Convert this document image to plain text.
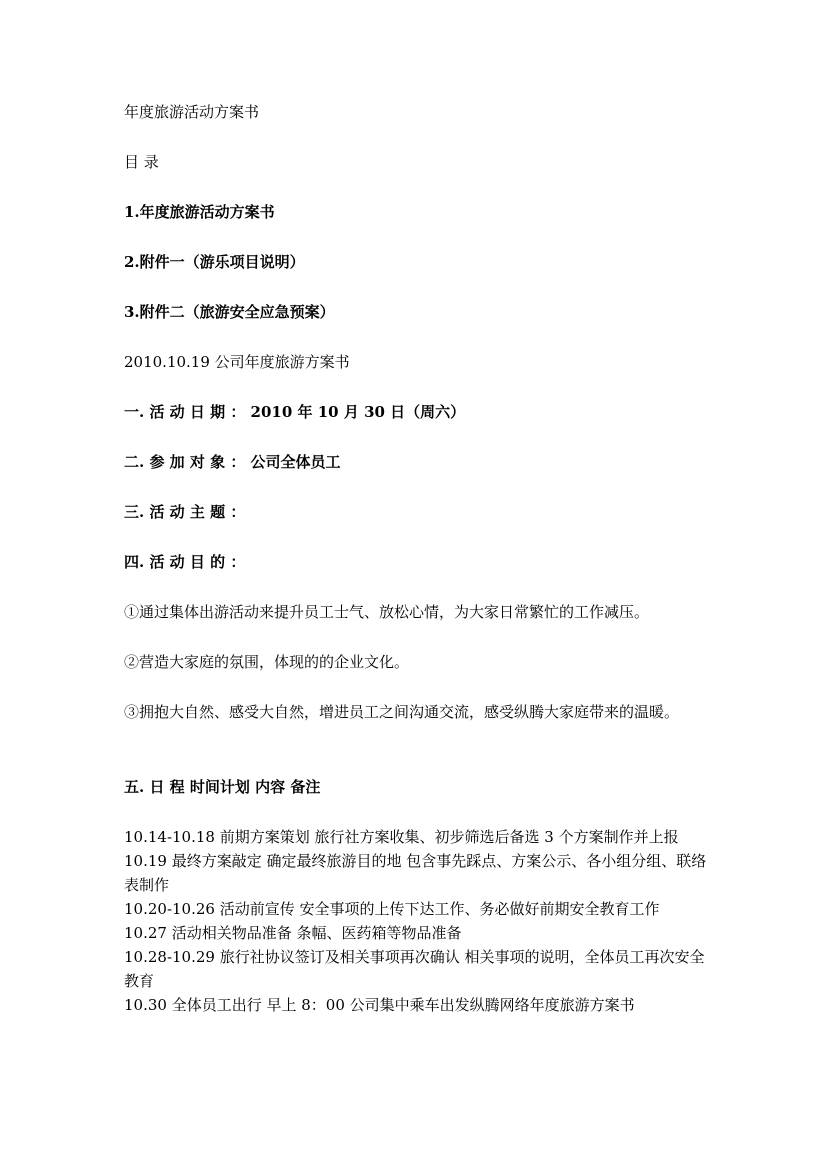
年度旅游活动方案书
目 录
1.年度旅游活动方案书
2.附件一（游乐项目说明）
3.附件二（旅游安全应急预案）
2010.10.19 公司年度旅游方案书
一. 活 动 日 期 ： 2010 年 10 月 30 日（周六）
二. 参 加 对 象 ： 公司全体员工
三. 活 动 主 题 ：
四. 活 动 目 的 ：
①通过集体出游活动来提升员工士气、放松心情，为大家日常繁忙的工作减压。
②营造大家庭的氛围，体现的的企业文化。
③拥抱大自然、感受大自然，增进员工之间沟通交流，感受纵腾大家庭带来的温暖。
五. 日 程 时间计划 内容 备注
10.14-10.18 前期方案策划 旅行社方案收集、初步筛选后备选 3 个方案制作并上报
10.19 最终方案敲定 确定最终旅游目的地 包含事先踩点、方案公示、各小组分组、联络表制作
10.20-10.26 活动前宣传 安全事项的上传下达工作、务必做好前期安全教育工作
10.27 活动相关物品准备 条幅、医药箱等物品准备
10.28-10.29 旅行社协议签订及相关事项再次确认 相关事项的说明，全体员工再次安全教育
10.30 全体员工出行 早上 8：00 公司集中乘车出发纵腾网络年度旅游方案书
